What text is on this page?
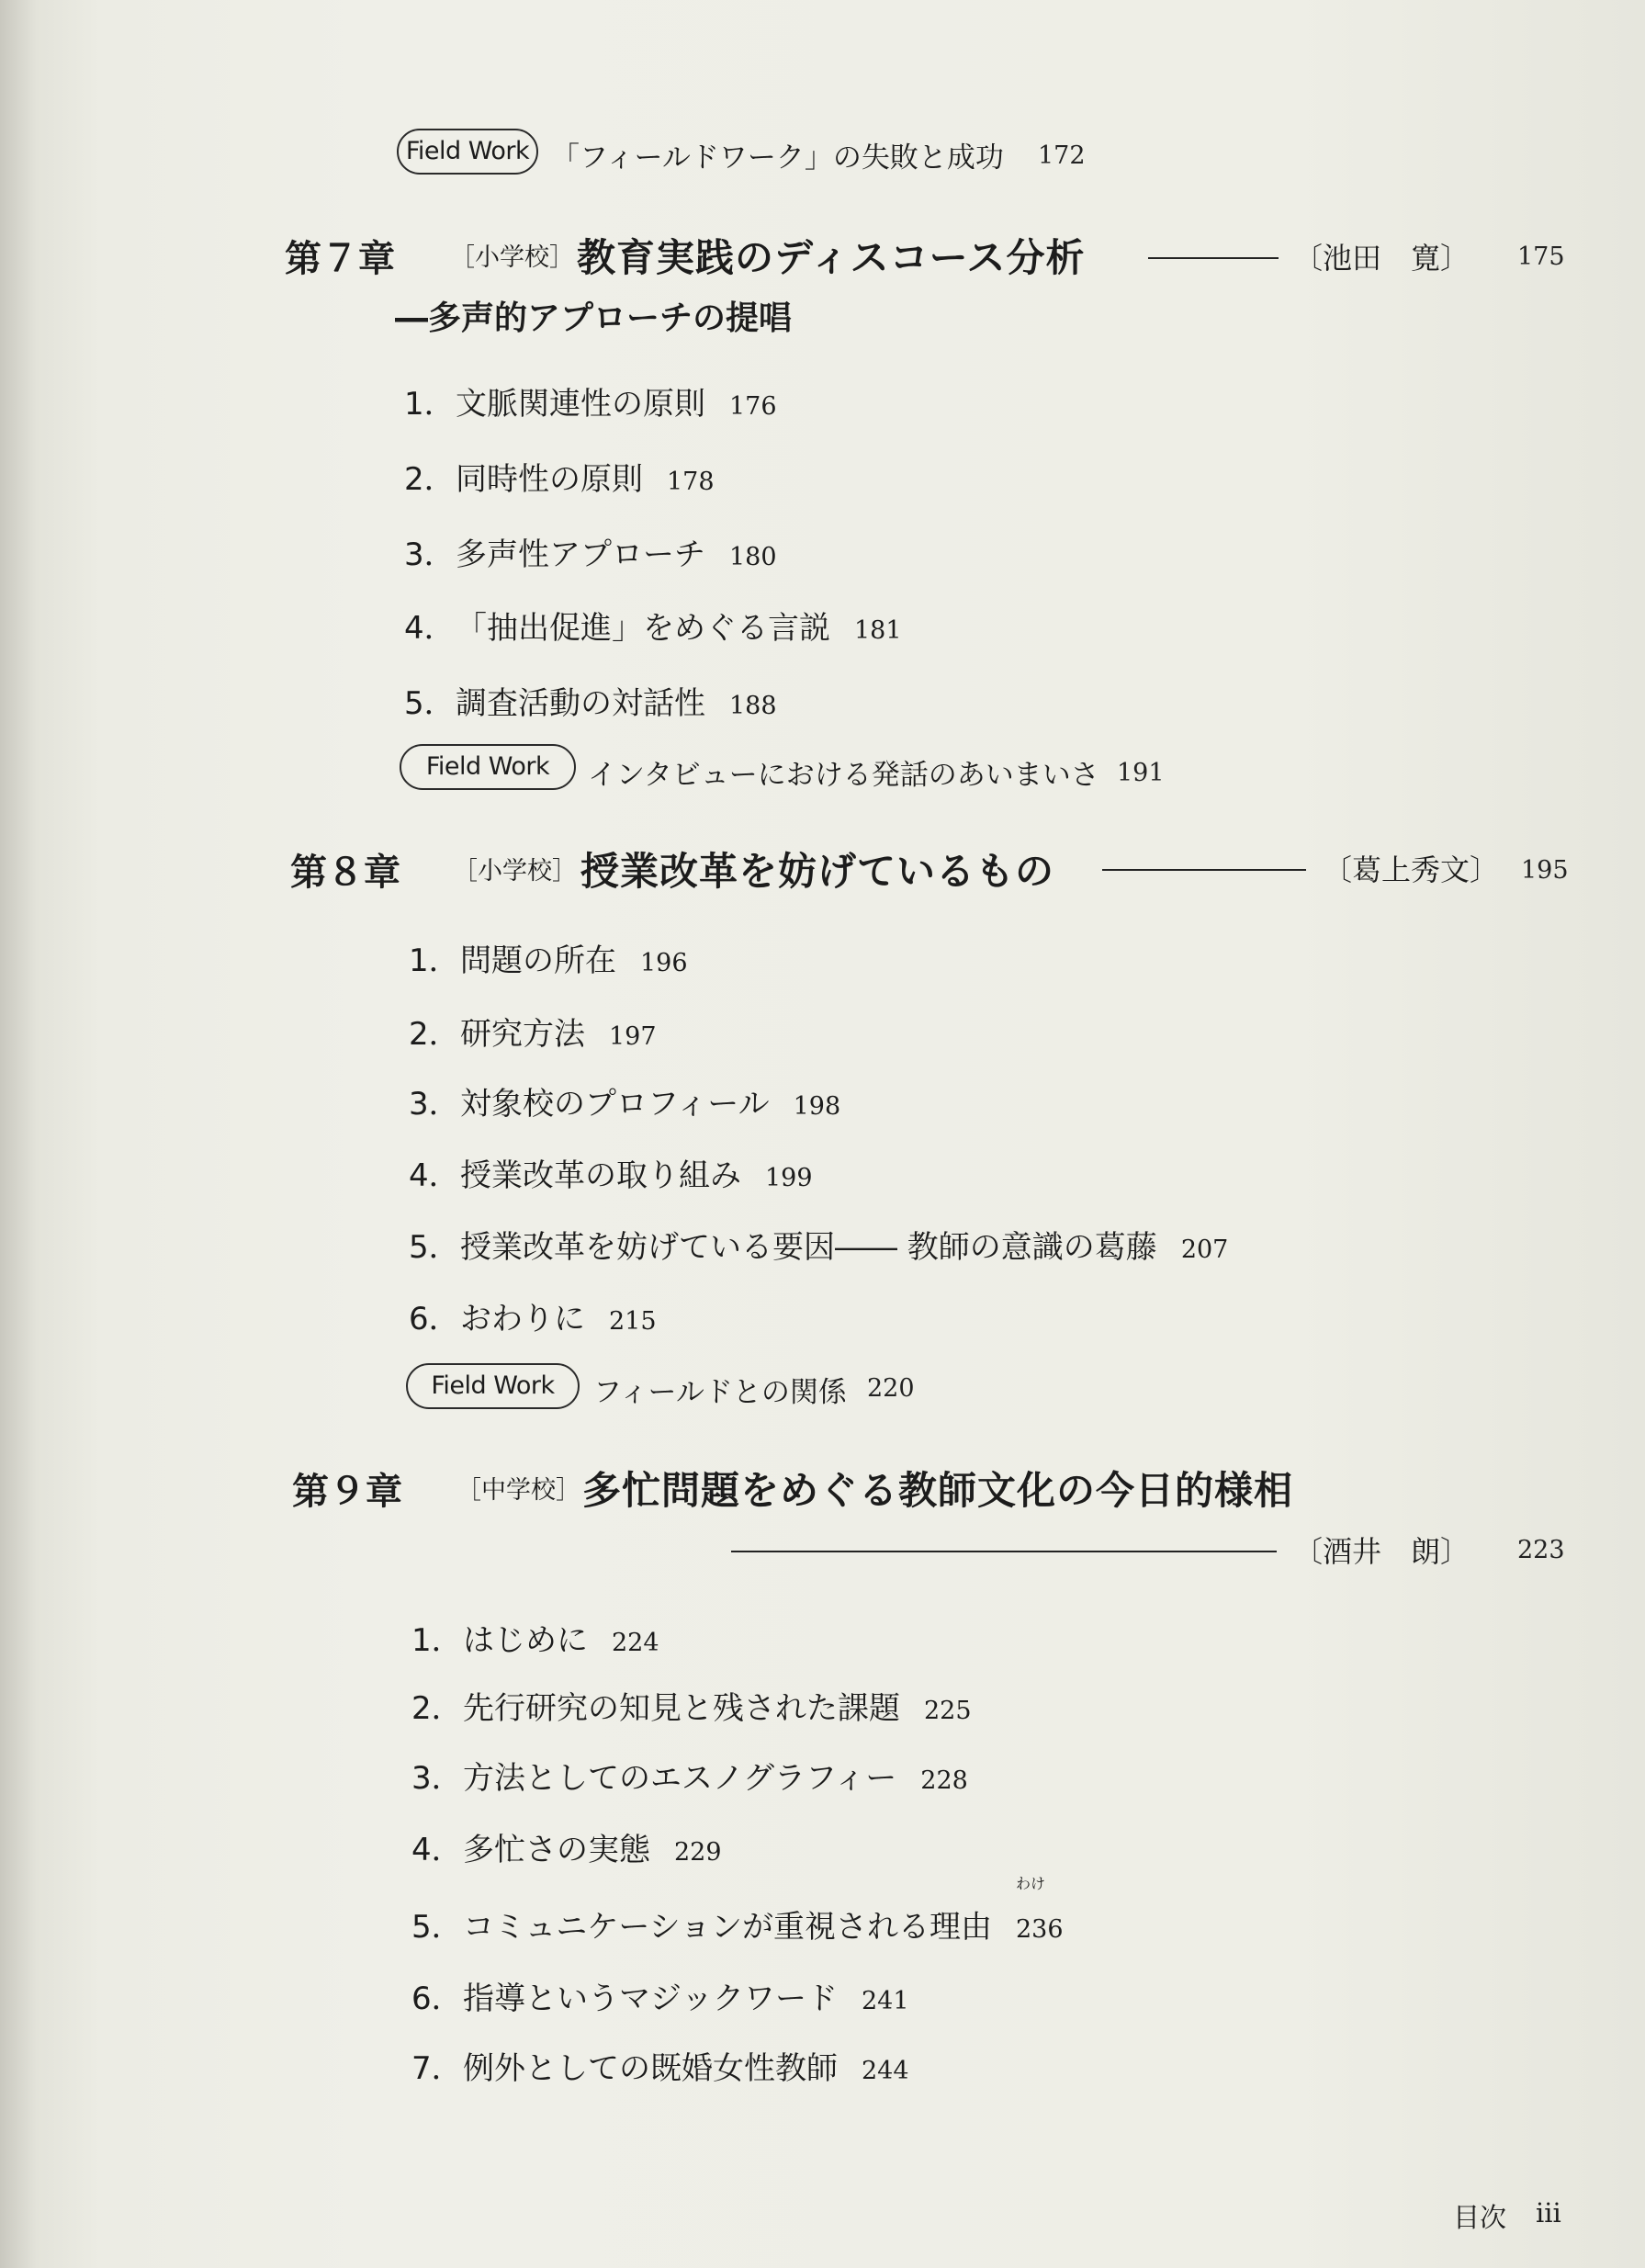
Field Work 「フィールドワーク」の失敗と成功 172
第７章 ［小学校］ 教育実践のディスコース分析	〔池田　寛〕 175
―多声的アプローチの提唱
1．文脈関連性の原則 176
2．同時性の原則 178
3．多声性アプローチ 180
4．「抽出促進」をめぐる言説 181
5．調査活動の対話性 188
Field Work	インタビューにおける発話のあいまいさ 191
第８章 ［小学校］ 授業改革を妨げているもの	〔葛上秀文〕 195
1．問題の所在 196
2．研究方法 197
3．対象校のプロフィール 198
4．授業改革の取り組み 199
5．授業改革を妨げている要因―― 教師の意識の葛藤 207
6．おわりに 215
Field Work	フィールドとの関係 220
第９章 ［中学校］ 多忙問題をめぐる教師文化の今日的様相
〔酒井　朗〕 223
1．はじめに 224
2．先行研究の知見と残された課題 225
3．方法としてのエスノグラフィー 228
4．多忙さの実態 229
わけ
5．コミュニケーションが重視される理由 236
6．指導というマジックワード 241
7．例外としての既婚女性教師 244
目次 iii
